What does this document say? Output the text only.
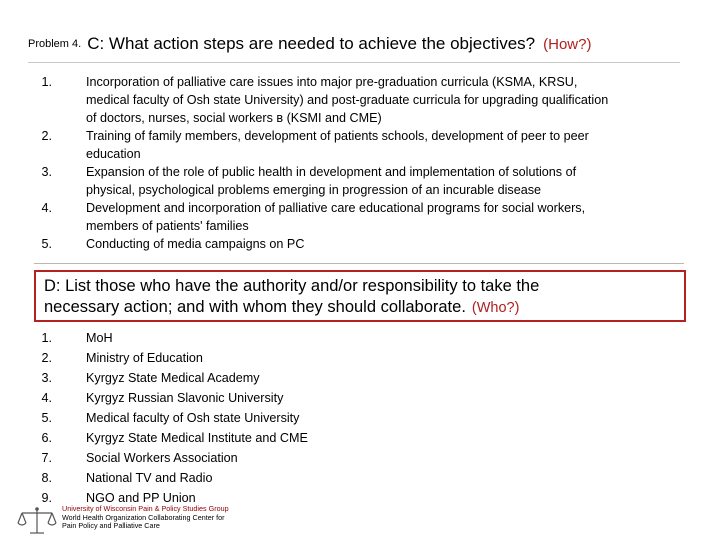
Problem 4. C: What action steps are needed to achieve the objectives? (How?)
1.	Incorporation of palliative care issues into major pre-graduation curricula (KSMA, KRSU,
medical faculty of Osh state University) and post-graduate curricula for upgrading qualification
of doctors, nurses, social workers в (KSMI and CME)
2.	Training of family members, development of patients schools, development of peer to peer
education
3.	Expansion of the role of public health in development and implementation of solutions of
physical, psychological problems emerging in progression of an incurable disease
4.	Development and incorporation of palliative care educational programs for social workers,
members of patients' families
5.	Conducting of media campaigns on PC
D: List those who have the authority and/or responsibility to take the
necessary action; and with whom they should collaborate. (Who?)
1.	MoH
2.	Ministry of Education
3.	Kyrgyz State Medical Academy
4.	Kyrgyz Russian Slavonic University
5.	Medical faculty of Osh state University
6.	Kyrgyz State Medical Institute and CME
7.	Social Workers Association
8.	National TV and Radio
9.	NGO and PP Union
University of Wisconsin Pain & Policy Studies Group
World Health Organization Collaborating Center for
Pain Policy and Palliative Care
